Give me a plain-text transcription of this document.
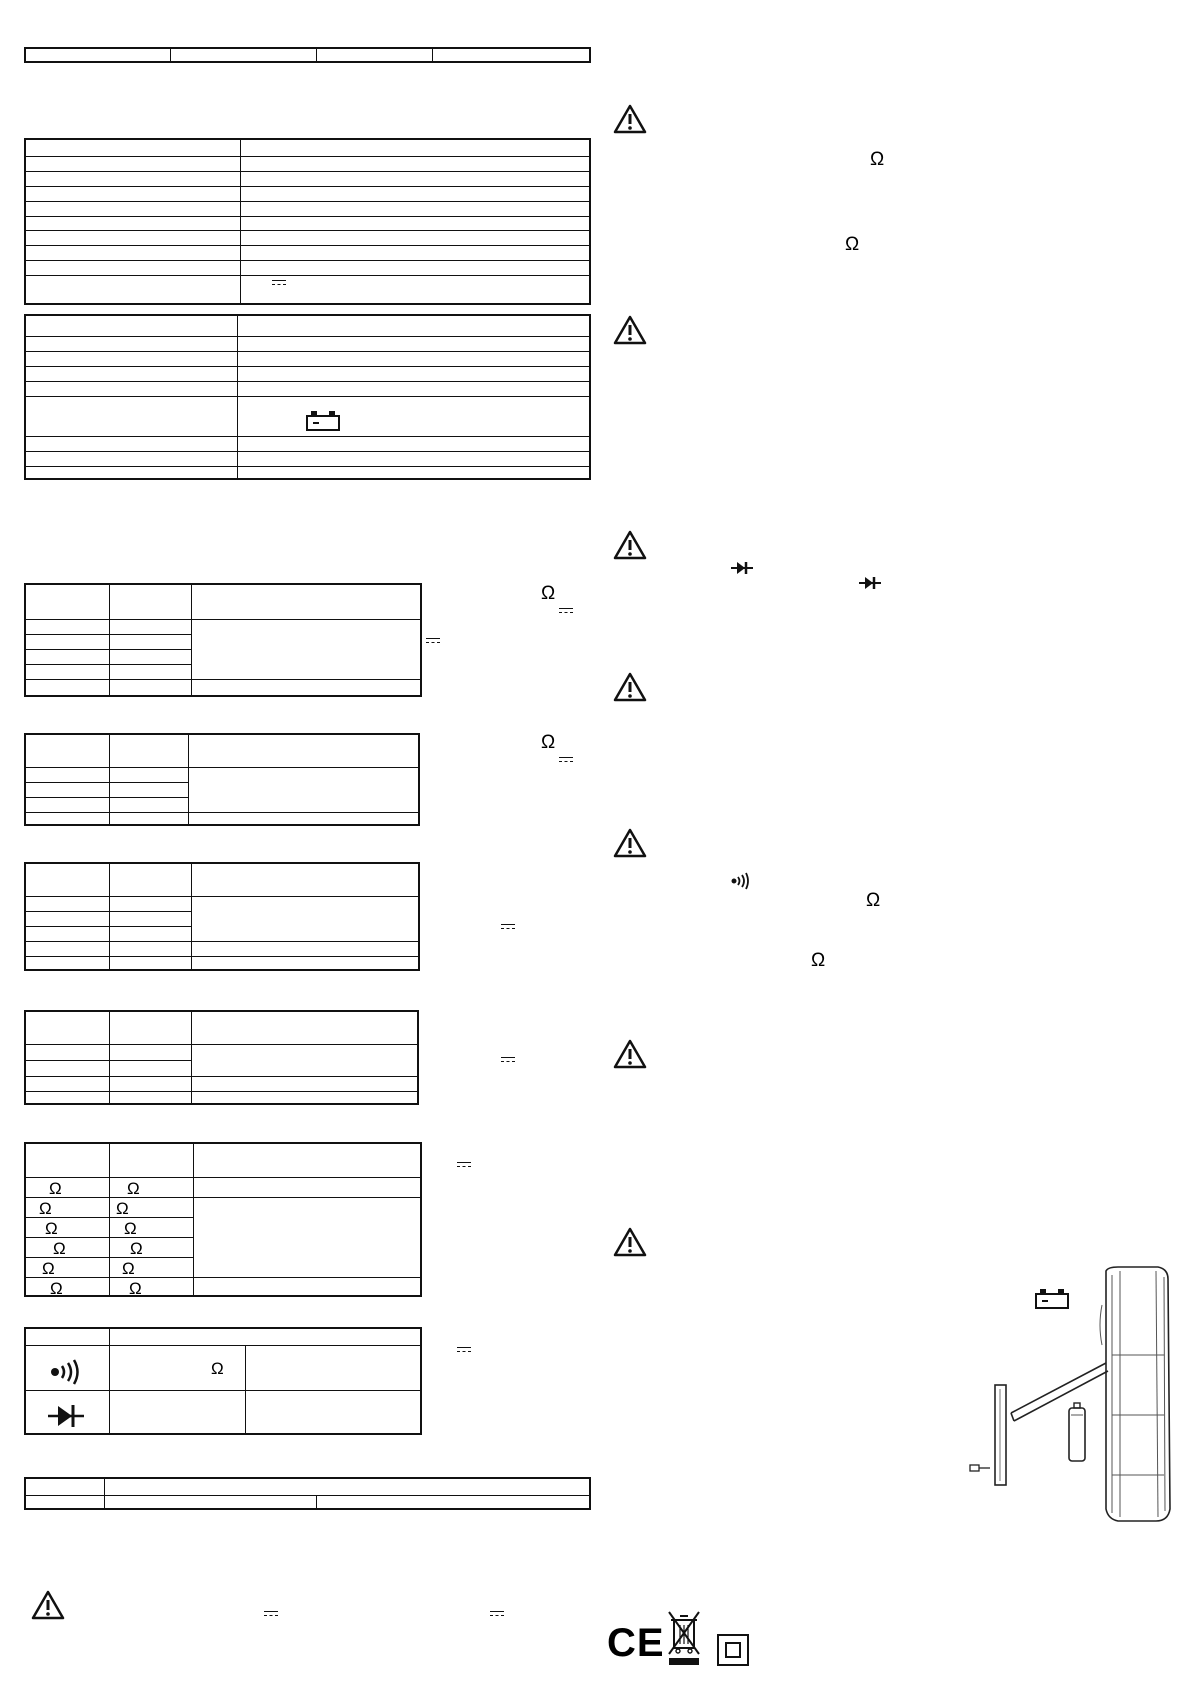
Ω
Ω
Ω	Ω
Ω	Ω
Ω	Ω
Ω	Ω
Ω	Ω
Ω	Ω
Ω
Ω
Ω
Ω
Ω
CE
